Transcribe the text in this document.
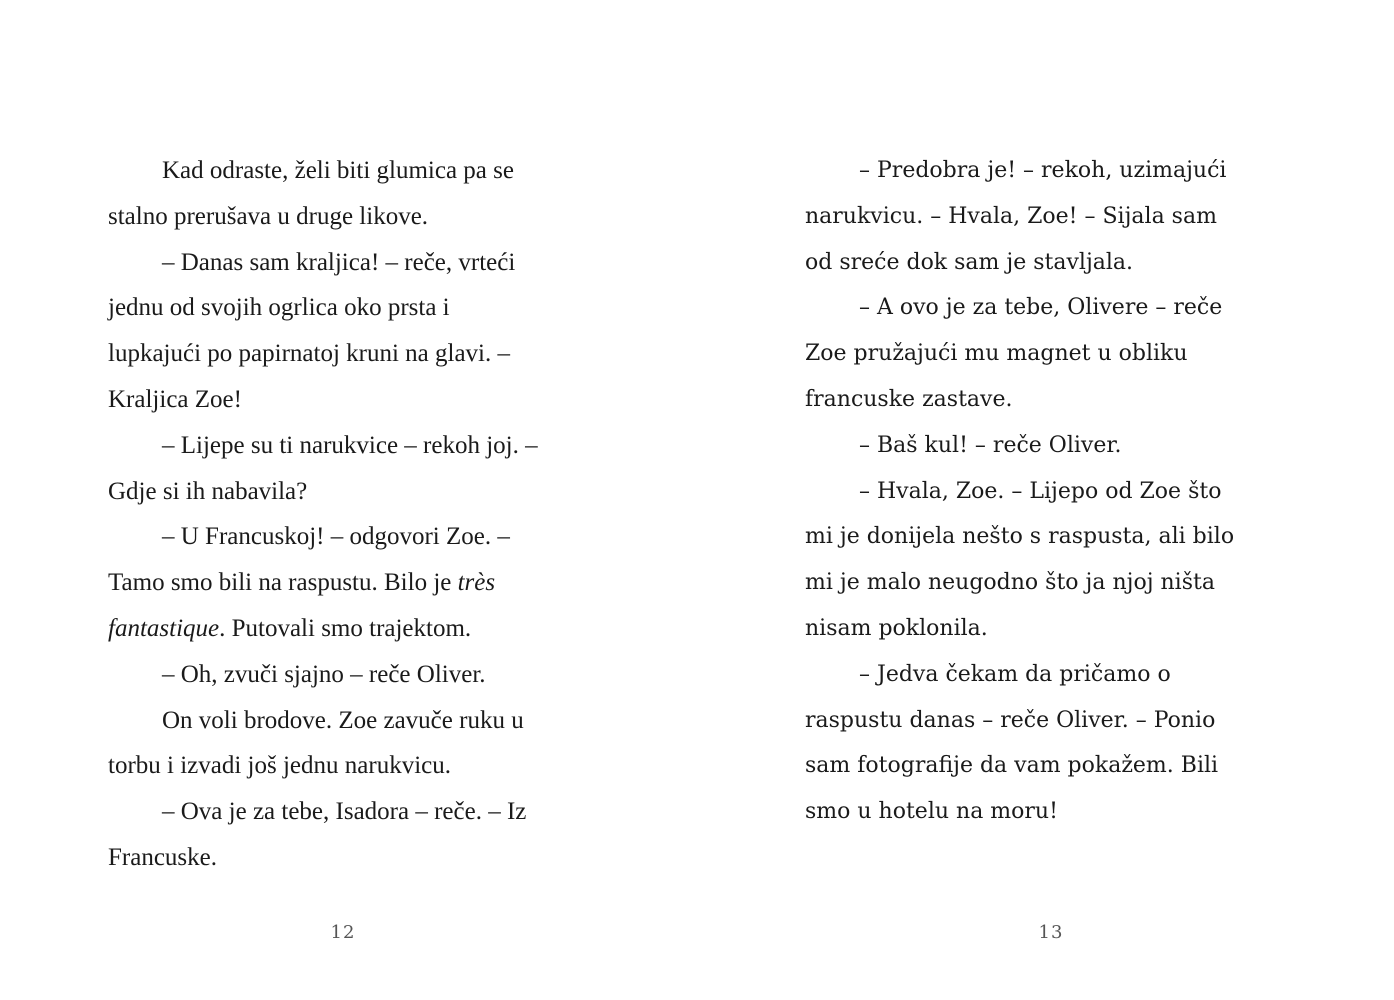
Kad odraste, želi biti glumica pa se
stalno prerušava u druge likove.
– Danas sam kraljica! – reče, vrteći
jednu od svojih ogrlica oko prsta i
lupkajući po papirnatoj kruni na glavi. –
Kraljica Zoe!
– Lijepe su ti narukvice – rekoh joj. –
Gdje si ih nabavila?
– U Francuskoj! – odgovori Zoe. –
Tamo smo bili na raspustu. Bilo je très
fantastique. Putovali smo trajektom.
– Oh, zvuči sjajno – reče Oliver.
On voli brodove. Zoe zavuče ruku u
torbu i izvadi još jednu narukvicu.
– Ova je za tebe, Isadora – reče. – Iz
Francuske.
– Predobra je! – rekoh, uzimajući
narukvicu. – Hvala, Zoe! – Sijala sam
od sreće dok sam je stavljala.
– A ovo je za tebe, Olivere – reče
Zoe pružajući mu magnet u obliku
francuske zastave.
– Baš kul! – reče Oliver.
– Hvala, Zoe. – Lijepo od Zoe što
mi je donijela nešto s raspusta, ali bilo
mi je malo neugodno što ja njoj ništa
nisam poklonila.
– Jedva čekam da pričamo o
raspustu danas – reče Oliver. – Ponio
sam fotografije da vam pokažem. Bili
smo u hotelu na moru!
12	13
